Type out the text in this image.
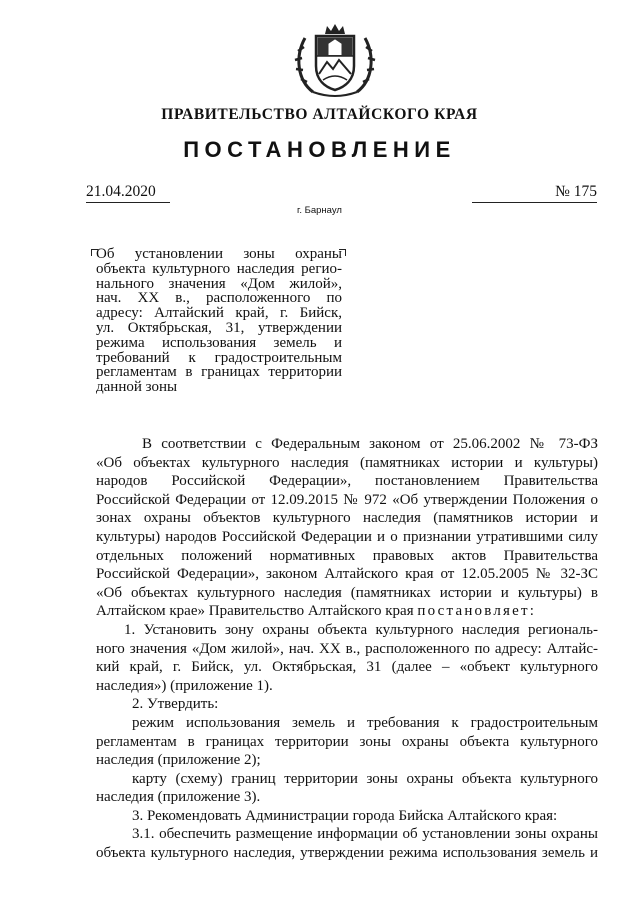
ПРАВИТЕЛЬСТВО АЛТАЙСКОГО КРАЯ
ПОСТАНОВЛЕНИЕ
21.04.2020	№ 175
г. Барнаул
Об установлении зоны охраны
объекта культурного наследия регио-
нального значения «Дом жилой»,
нач. XX в., расположенного по
адресу: Алтайский край, г. Бийск,
ул. Октябрьская, 31, утверждении
режима использования земель и
требований к градостроительным
регламентам в границах территории
данной зоны
В соответствии с Федеральным законом от 25.06.2002 № 73-ФЗ
«Об объектах культурного наследия (памятниках истории и культуры)
народов Российской Федерации», постановлением Правительства
Российской Федерации от 12.09.2015 № 972 «Об утверждении Положения о
зонах охраны объектов культурного наследия (памятников истории и
культуры) народов Российской Федерации и о признании утратившими силу
отдельных положений нормативных правовых актов Правительства
Российской Федерации», законом Алтайского края от 12.05.2005 № 32-ЗС
«Об объектах культурного наследия (памятниках истории и культуры) в
Алтайском крае» Правительство Алтайского края постановляет:
1. Установить зону охраны объекта культурного наследия региональ-
ного значения «Дом жилой», нач. XX в., расположенного по адресу: Алтайс-
кий край, г. Бийск, ул. Октябрьская, 31 (далее – «объект культурного
наследия») (приложение 1).
2. Утвердить:
режим использования земель и требования к градостроительным
регламентам в границах территории зоны охраны объекта культурного
наследия (приложение 2);
карту (схему) границ территории зоны охраны объекта культурного
наследия (приложение 3).
3. Рекомендовать Администрации города Бийска Алтайского края:
3.1. обеспечить размещение информации об установлении зоны охраны
объекта культурного наследия, утверждении режима использования земель и
